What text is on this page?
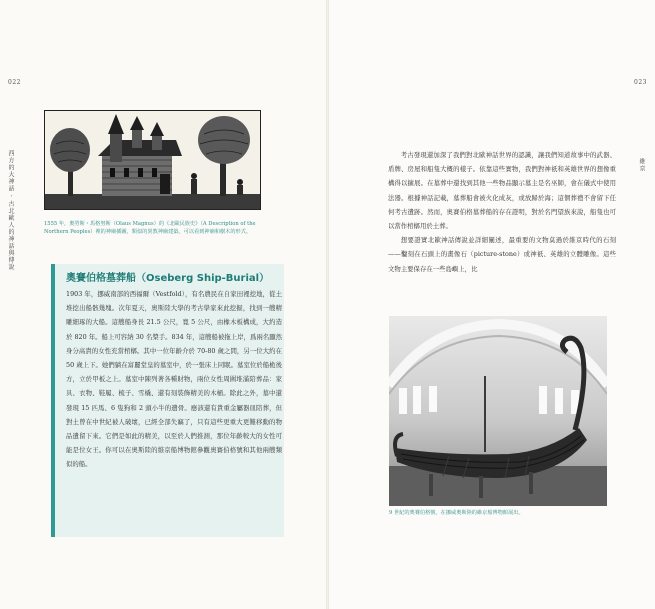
022	023
西方的大神話 · 古北歐人的神話與傳說	維京
1555 年，奧勞斯・馬格努斯（Olaus Magnus）的《北歐民族史》（A Description of the Northern Peoples）裡的神廟插圖，類似的異教神廟建築。可以看到神廟和樹木的形式。
奧賽伯格墓葬船（Oseberg Ship-Burial）
1903 年，挪威南部的西福爾（Vestfold），有名農民在自家田裡挖地，從土堆挖出船骸幾塊。次年夏天，奧斯陸大學的考古學家來此挖掘，找到一艘精雕細琢的大船。這艘船身長 21.5 公尺，寬 5 公尺，由橡木板構成，大約造於 820 年。船上可容納 30 名槳手。834 年，這艘船被拖上岸，爲兩名顯然身分高貴的女性充當棺槨。其中一位年齡介於 70-80 歲之間，另一位大約在 50 歲上下。她們躺在富麗堂皇的墓室中，於一張床上同眠。墓室位於船桅後方，立於甲板之上。墓室中陳列著各種財物，兩位女性周圍堆滿陪葬品：家具、衣物、鞋履、梳子、雪橇、還有刻裝飾精美的木桶。除此之外，墓中還發現 15 匹馬、6 隻狗和 2 頭小牛的遺骨。應該還有貴重金屬器皿陪葬，但對土曾在中世紀被人破壞，已經全部失竊了，只有這些更重大更難移動的物品遺留下來。它們是如此的精美，以至於人們推測，那位年齡較大的女性可能是位女王。你可以在奧斯陸的維京船博物館參觀奧賽伯格號和其他兩艘類似的船。

考古發現還加深了我們對北歐神話世界的認識，讓我們知道故事中的武器、盾牌、房屋和船隻大概的樣子。依靠這些實物，我們對神祇和英雄世界的想像重構得以擴展。在墓葬中還找到其他一些物品顯示墓主是名巫師，會在儀式中使用法器。根據神話記載，墓葬船會被火化成灰，或放歸於海；這個葬禮不會留下任何考古遺跡。然而，奧賽伯格墓葬船的存在證明，對於名門望族來說，船隻也可以當作棺槨用於土葬。

想要證實北歐神話傳說並詳細闡述，最重要的文物莫過於維京時代的石刻——鑿刻在石頭上的畫像石（picture-stone）或神祇、英雄的立體雕像。這些文物主要保存在一些島嶼上，比

9 世紀的奧賽伯格號，在挪威奧斯陸的維京船博物館展出。
